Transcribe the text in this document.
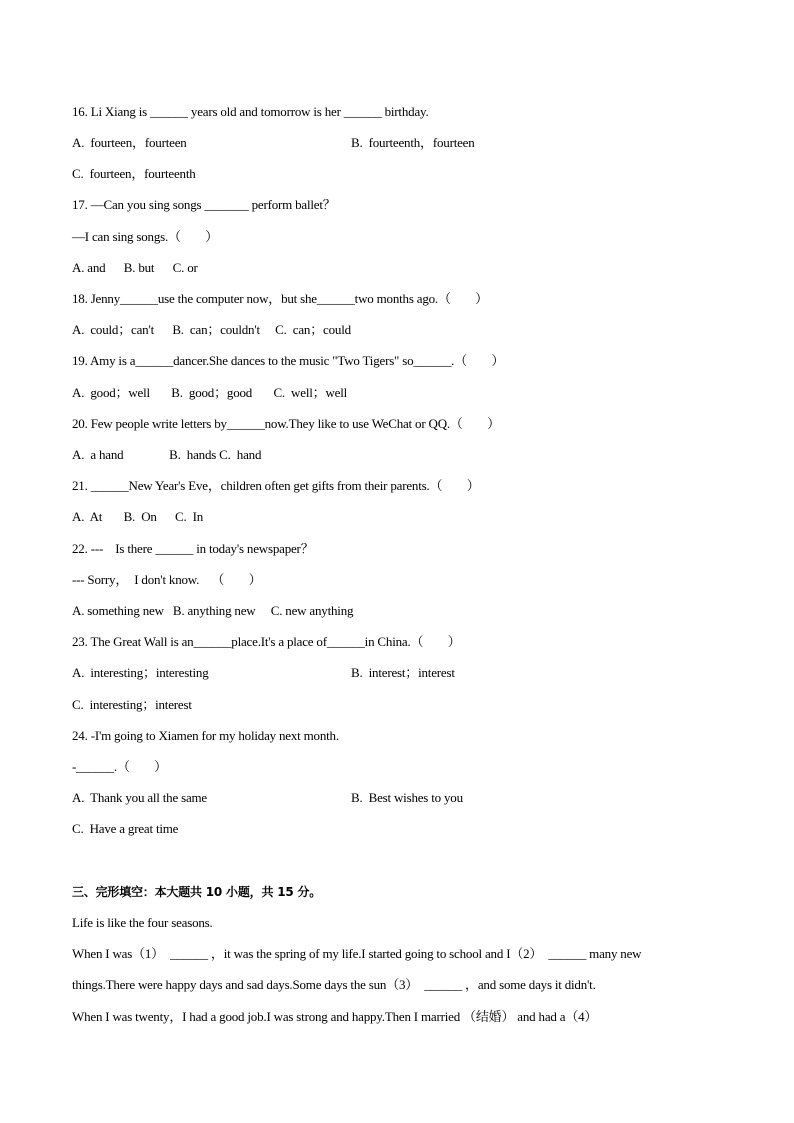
16. Li Xiang is ______ years old and tomorrow is her ______ birthday.
A.  fourteen，fourteen	B.  fourteenth，fourteen
C.  fourteen，fourteenth
17. —Can you sing songs _______ perform ballet？
—I can sing songs.（        ）
A. and      B. but      C. or
18. Jenny______use the computer now，but she______two months ago.（        ）
A.  could；can't      B.  can；couldn't     C.  can；could
19. Amy is a______dancer.She dances to the music "Two Tigers" so______.（        ）
A.  good；well       B.  good；good       C.  well；well
20. Few people write letters by______now.They like to use WeChat or QQ.（        ）
A.  a hand               B.  hands C.  hand
21. ______New Year's Eve，children often get gifts from their parents.（        ）
A.  At       B.  On      C.  In
22. ---    Is there ______ in today's newspaper？
--- Sorry，  I don't know.    （        ）
A. something new   B. anything new     C. new anything
23. The Great Wall is an______place.It's a place of______in China.（        ）
A.  interesting；interesting	B.  interest；interest
C.  interesting；interest
24. -I'm going to Xiamen for my holiday next month.
-______.（        ）
A.  Thank you all the same	B.  Best wishes to you
C.  Have a great time
三、完形填空：本大题共 10 小题，共 15 分。
Life is like the four seasons.
When I was（1）  ______ ，it was the spring of my life.I started going to school and I（2）  ______ many new
things.There were happy days and sad days.Some days the sun（3）  ______ ，and some days it didn't.
When I was twenty，I had a good job.I was strong and happy.Then I married （结婚） and had a（4）
